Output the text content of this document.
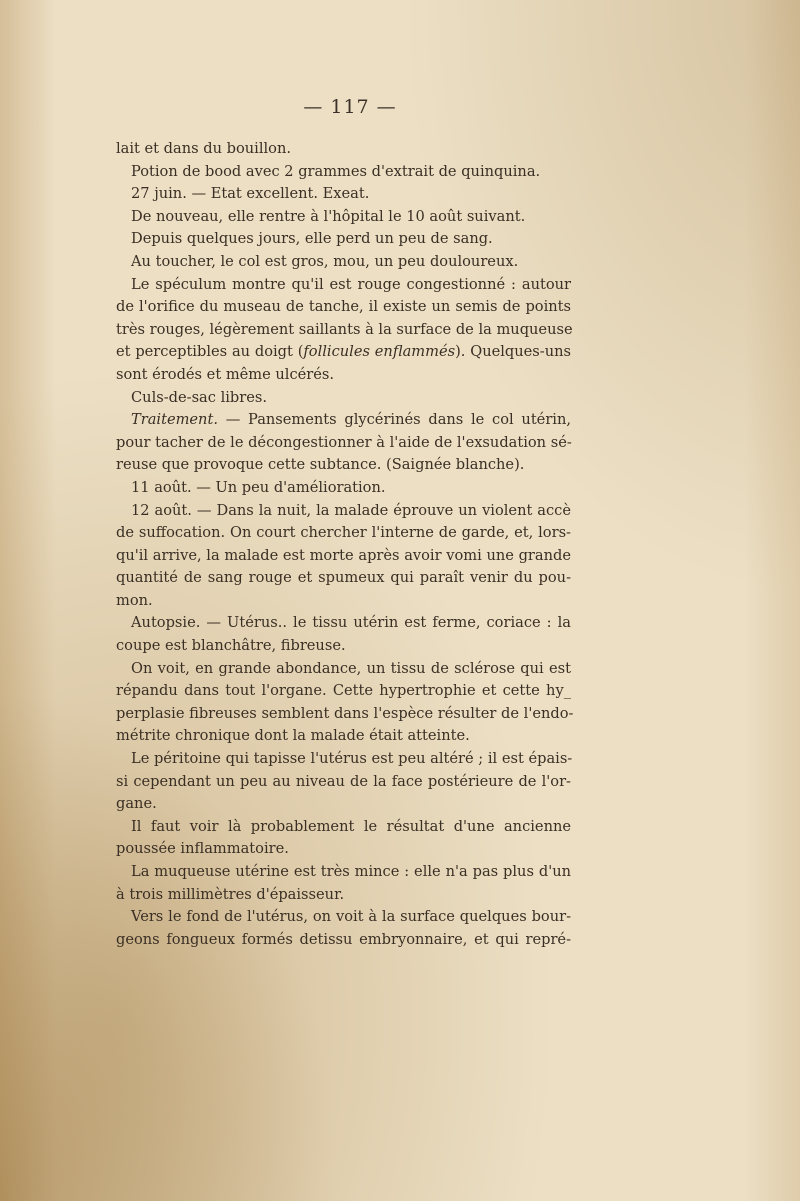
— 117 —
lait et dans du bouillon.
Potion de bood avec 2 grammes d'extrait de quinquina.
27 juin. — Etat excellent. Exeat.
De nouveau, elle rentre à l'hôpital le 10 août suivant.
Depuis quelques jours, elle perd un peu de sang.
Au toucher, le col est gros, mou, un peu douloureux.
Le spéculum montre qu'il est rouge congestionné : autour
de l'orifice du museau de tanche, il existe un semis de points
très rouges, légèrement saillants à la surface de la muqueuse
et perceptibles au doigt (follicules enflammés). Quelques-uns
sont érodés et même ulcérés.
Culs-de-sac libres.
Traitement. — Pansements glycérinés dans le col utérin,
pour tacher de le décongestionner à l'aide de l'exsudation sé-
reuse que provoque cette subtance. (Saignée blanche).
11 août. — Un peu d'amélioration.
12 août. — Dans la nuit, la malade éprouve un violent accè
de suffocation. On court chercher l'interne de garde, et, lors-
qu'il arrive, la malade est morte après avoir vomi une grande
quantité de sang rouge et spumeux qui paraît venir du pou-
mon.
Autopsie. — Utérus.. le tissu utérin est ferme, coriace : la
coupe est blanchâtre, fibreuse.
On voit, en grande abondance, un tissu de sclérose qui est
répandu dans tout l'organe. Cette hypertrophie et cette hy_
perplasie fibreuses semblent dans l'espèce résulter de l'endo-
métrite chronique dont la malade était atteinte.
Le péritoine qui tapisse l'utérus est peu altéré ; il est épais-
si cependant un peu au niveau de la face postérieure de l'or-
gane.
Il faut voir là probablement le résultat d'une ancienne
poussée inflammatoire.
La muqueuse utérine est très mince : elle n'a pas plus d'un
à trois millimètres d'épaisseur.
Vers le fond de l'utérus, on voit à la surface quelques bour-
geons fongueux formés detissu embryonnaire, et qui repré-
